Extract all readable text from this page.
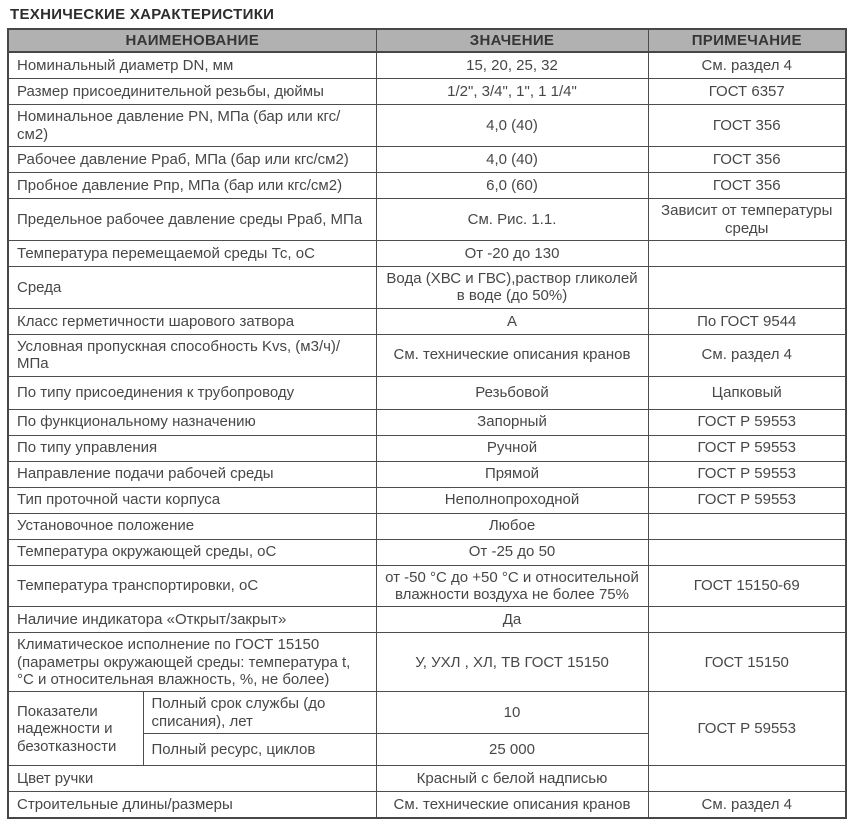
ТЕХНИЧЕСКИЕ ХАРАКТЕРИСТИКИ
НАИМЕНОВАНИЕ		ЗНАЧЕНИЕ	ПРИМЕЧАНИЕ
Номинальный диаметр DN, мм		15, 20, 25, 32	См. раздел 4
Размер присоединительной резьбы, дюймы		1/2", 3/4", 1", 1 1/4"	ГОСТ 6357
Номинальное давление PN, МПа (бар или кгс/см2)		4,0 (40)	ГОСТ 356
Рабочее давление Рраб, МПа (бар или кгс/см2)		4,0 (40)	ГОСТ 356
Пробное давление Рпр, МПа (бар или кгс/см2)		6,0 (60)	ГОСТ 356
Предельное рабочее давление среды Рраб, МПа		См. Рис. 1.1.	Зависит от температуры среды
Температура перемещаемой среды Тс, оС		От -20 до 130	
Среда		Вода (ХВС и ГВС),раствор гликолей в воде (до 50%)	
Класс герметичности шарового затвора		А	По ГОСТ 9544
Условная пропускная способность Kvs, (м3/ч)/МПа		См. технические описания кранов	См. раздел 4
По типу присоединения к трубопроводу		Резьбовой	Цапковый
По функциональному назначению		Запорный	ГОСТ Р 59553
По типу управления		Ручной	ГОСТ Р 59553
Направление подачи рабочей среды		Прямой	ГОСТ Р 59553
Тип проточной части корпуса		Неполнопроходной	ГОСТ Р 59553
Установочное положение		Любое	
Температура окружающей среды, оС		От -25 до 50	
Температура транспортировки, оС		от -50 °С до +50 °С и относительной влажности воздуха не более 75%	ГОСТ 15150-69
Наличие индикатора «Открыт/закрыт»		Да	
Климатическое исполнение по ГОСТ 15150 (параметры окружающей среды: температура t, °С и относительная влажность, %, не более)		У, УХЛ , ХЛ, ТВ ГОСТ 15150	ГОСТ 15150
Показатели надежности и безотказности	Полный срок службы (до списания), лет	10	ГОСТ Р 59553
	Полный ресурс, циклов	25 000	
Цвет ручки		Красный с белой надписью	
Строительные длины/размеры		См. технические описания кранов	См. раздел 4
